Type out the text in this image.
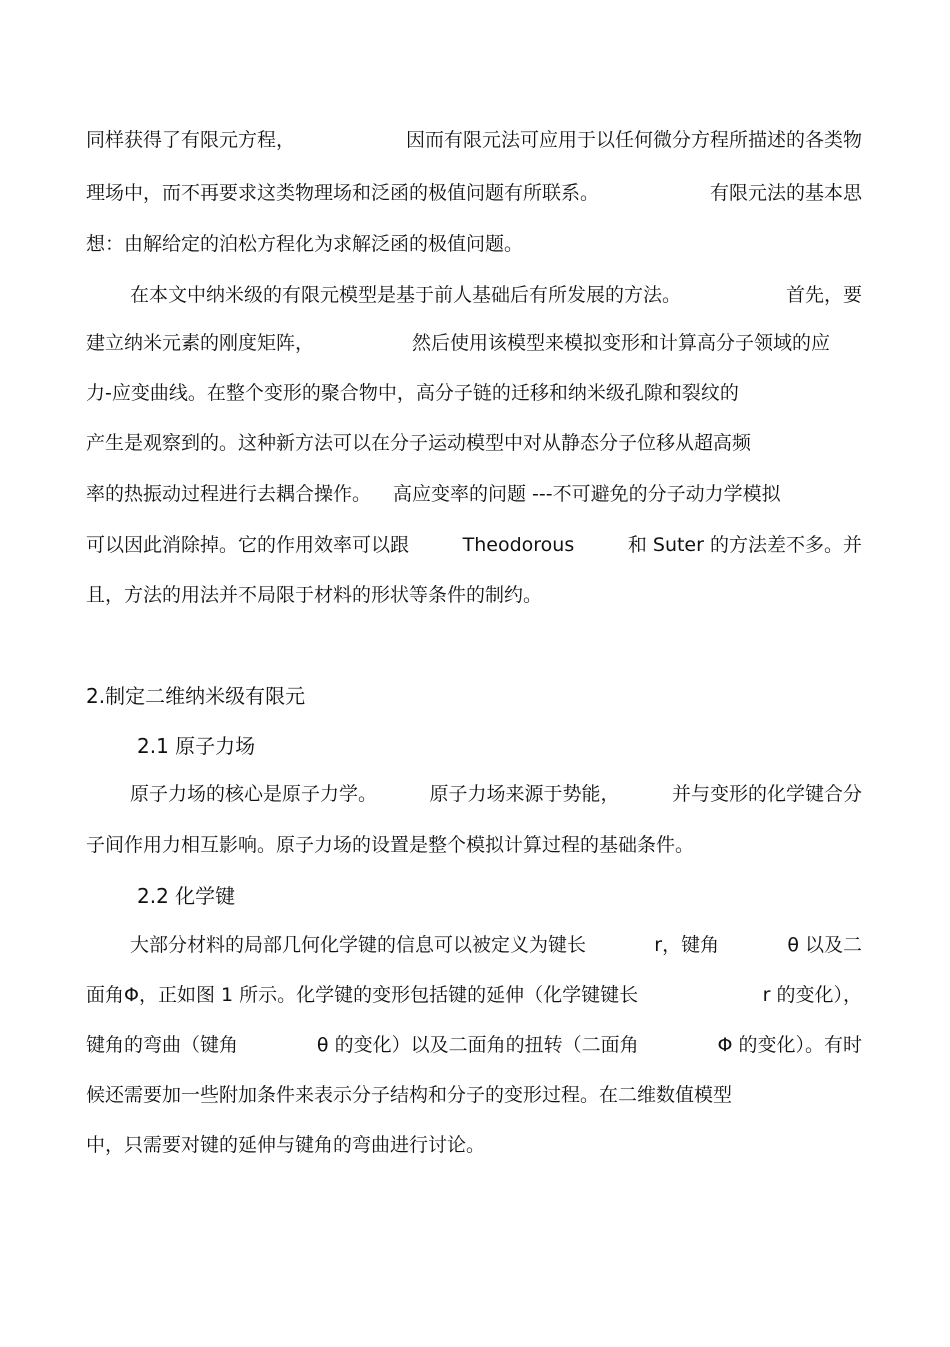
同样获得了有限元方程，	因而有限元法可应用于以任何微分方程所描述的各类物
理场中，而不再要求这类物理场和泛函的极值问题有所联系。	有限元法的基本思
想：由解给定的泊松方程化为求解泛函的极值问题。
在本文中纳米级的有限元模型是基于前人基础后有所发展的方法。	首先，要
建立纳米元素的刚度矩阵，	然后使用该模型来模拟变形和计算高分子领域的应
力-应变曲线。在整个变形的聚合物中，高分子链的迁移和纳米级孔隙和裂纹的
产生是观察到的。这种新方法可以在分子运动模型中对从静态分子位移从超高频
率的热振动过程进行去耦合操作。 高应变率的问题 ---不可避免的分子动力学模拟
可以因此消除掉。它的作用效率可以跟	Theodorous	和 Suter 的方法差不多。并
且，方法的用法并不局限于材料的形状等条件的制约。
2.制定二维纳米级有限元
2.1 原子力场
原子力场的核心是原子力学。	原子力场来源于势能，	并与变形的化学键合分
子间作用力相互影响。原子力场的设置是整个模拟计算过程的基础条件。
2.2 化学键
大部分材料的局部几何化学键的信息可以被定义为键长	r，键角	θ 以及二
面角Φ，正如图 1 所示。化学键的变形包括键的延伸（化学键键长	r 的变化），
键角的弯曲（键角	θ 的变化）以及二面角的扭转（二面角	Φ 的变化）。有时
候还需要加一些附加条件来表示分子结构和分子的变形过程。在二维数值模型
中，只需要对键的延伸与键角的弯曲进行讨论。
